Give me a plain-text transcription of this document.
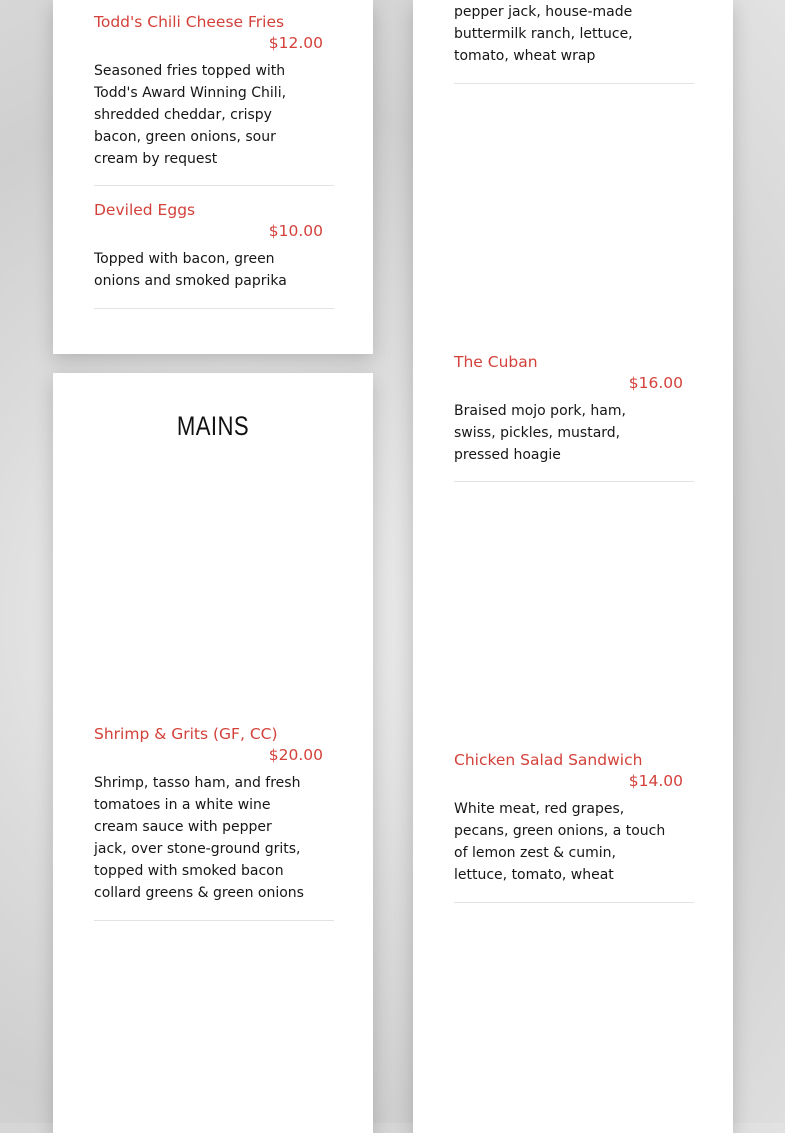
Todd's Chili Cheese Fries
$12.00
Seasoned fries topped with Todd's Award Winning Chili, shredded cheddar, crispy bacon, green onions, sour cream by request
Deviled Eggs
$10.00
Topped with bacon, green onions and smoked paprika
MAINS
Shrimp & Grits (GF, CC)
$20.00
Shrimp, tasso ham, and fresh tomatoes in a white wine cream sauce with pepper jack, over stone-ground grits, topped with smoked bacon collard greens & green onions
pepper jack, house-made buttermilk ranch, lettuce, tomato, wheat wrap
The Cuban
$16.00
Braised mojo pork, ham, swiss, pickles, mustard, pressed hoagie
Chicken Salad Sandwich
$14.00
White meat, red grapes, pecans, green onions, a touch of lemon zest & cumin, lettuce, tomato, wheat
